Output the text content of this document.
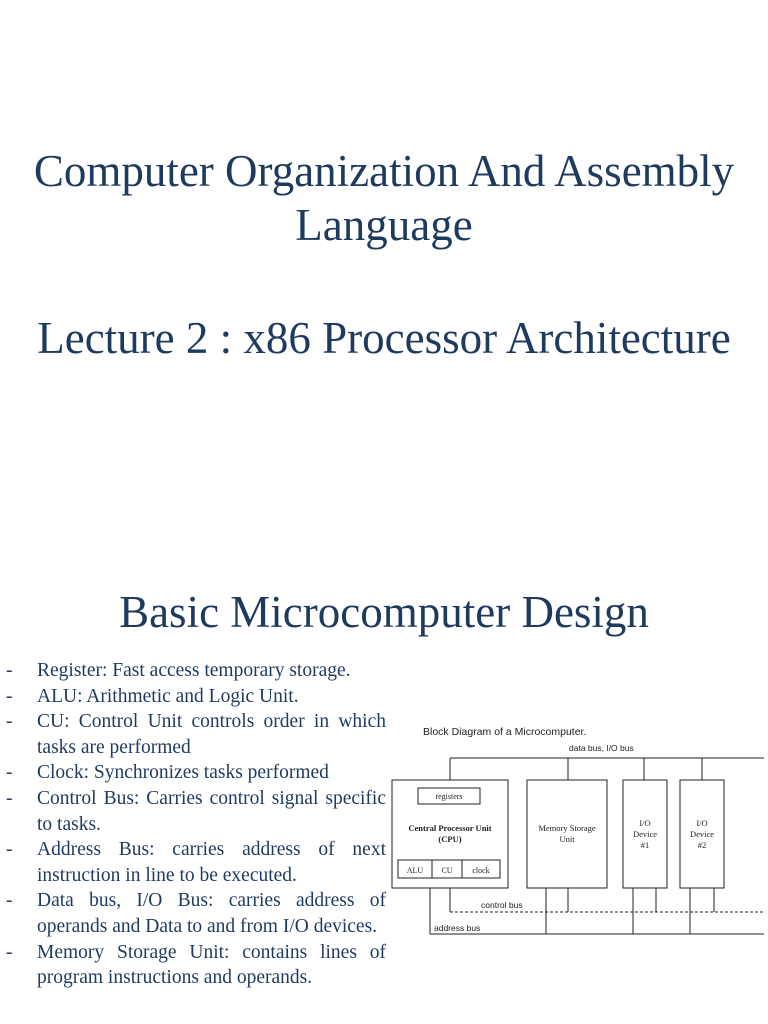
Computer Organization And Assembly Language
Lecture 2 : x86 Processor Architecture
Basic Microcomputer Design
- Register: Fast access temporary storage.
- ALU: Arithmetic and Logic Unit.
- CU: Control Unit controls order in which tasks are performed
- Clock: Synchronizes tasks performed
- Control Bus: Carries control signal specific to tasks.
- Address Bus: carries address of next instruction in line to be executed.
- Data bus, I/O Bus: carries address of operands and Data to and from I/O devices.
- Memory Storage Unit: contains lines of program instructions and operands.
Block Diagram of a Microcomputer.
data bus, I/O bus
registers
Central Processor Unit
(CPU)
ALU CU clock
Memory Storage
Unit
I/O
Device
#1
I/O
Device
#2
control bus
address bus
